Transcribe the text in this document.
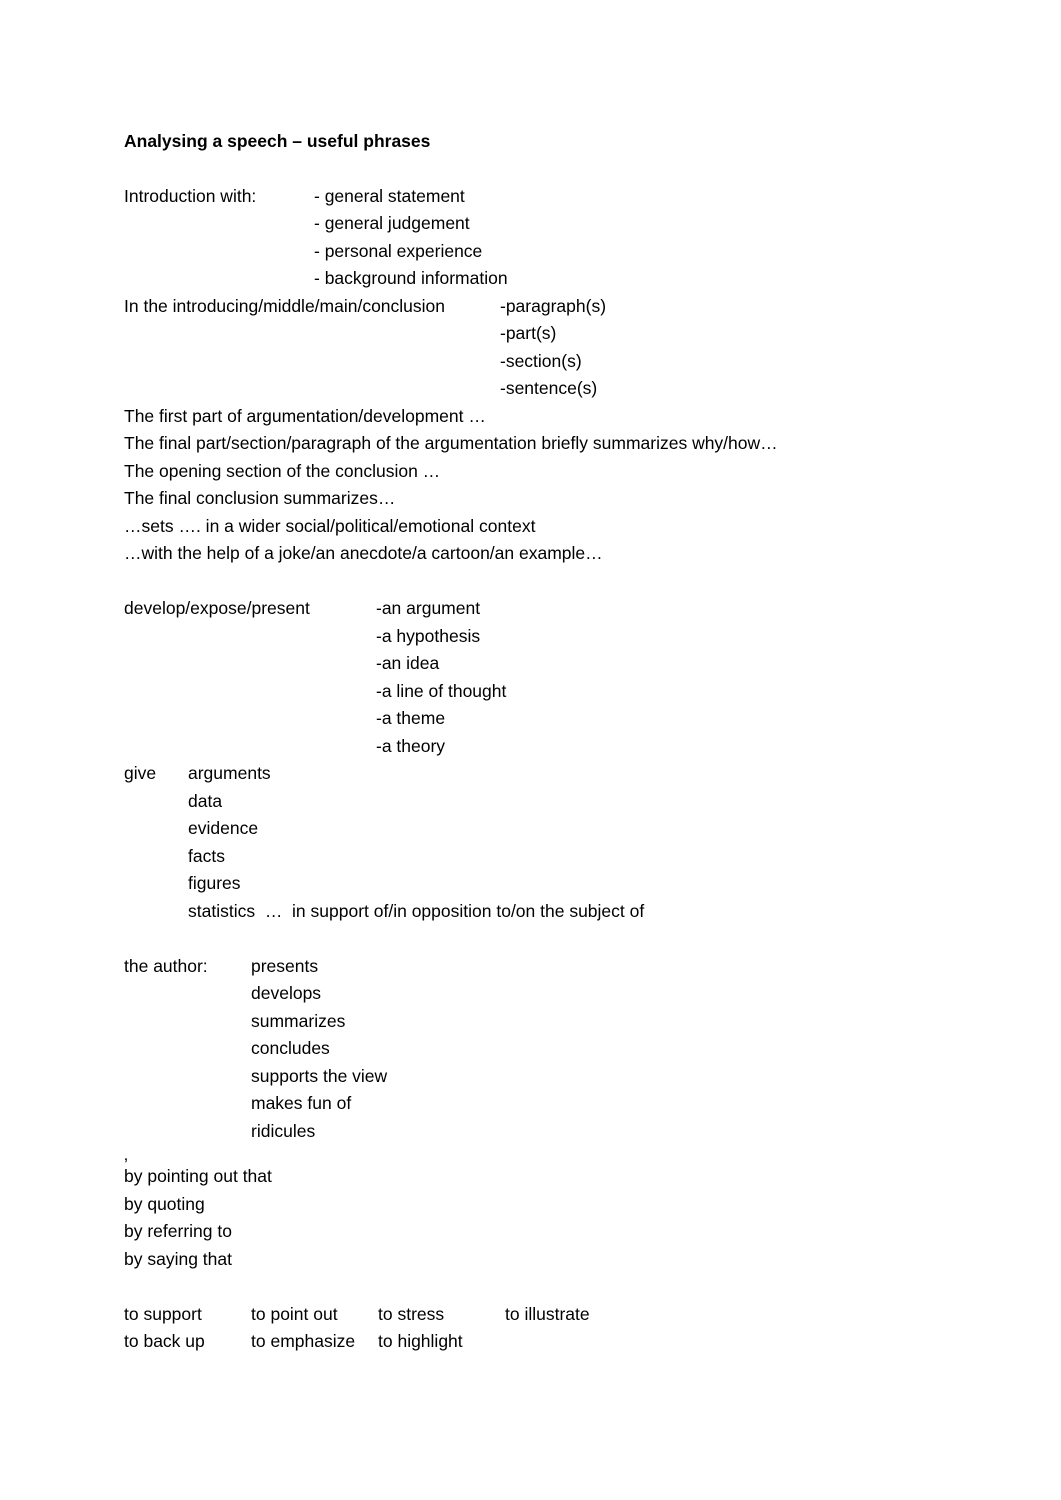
Analysing a speech – useful phrases
Introduction with:	- general statement
- general judgement
- personal experience
- background information
In the introducing/middle/main/conclusion	-paragraph(s)
-part(s)
-section(s)
-sentence(s)
The first part of argumentation/development …
The final part/section/paragraph of the argumentation briefly summarizes why/how…
The opening section of the conclusion …
The final conclusion summarizes…
…sets …. in a wider social/political/emotional context
…with the help of a joke/an anecdote/a cartoon/an example…
develop/expose/present	-an argument
-a hypothesis
-an idea
-a line of thought
-a theme
-a theory
give	arguments
data
evidence
facts
figures
statistics  …  in support of/in opposition to/on the subject of
the author:	presents
develops
summarizes
concludes
supports the view
makes fun of
ridicules
‚
by pointing out that
by quoting
by referring to
by saying that
to support	to point out	to stress	to illustrate
to back up	to emphasize	to highlight
